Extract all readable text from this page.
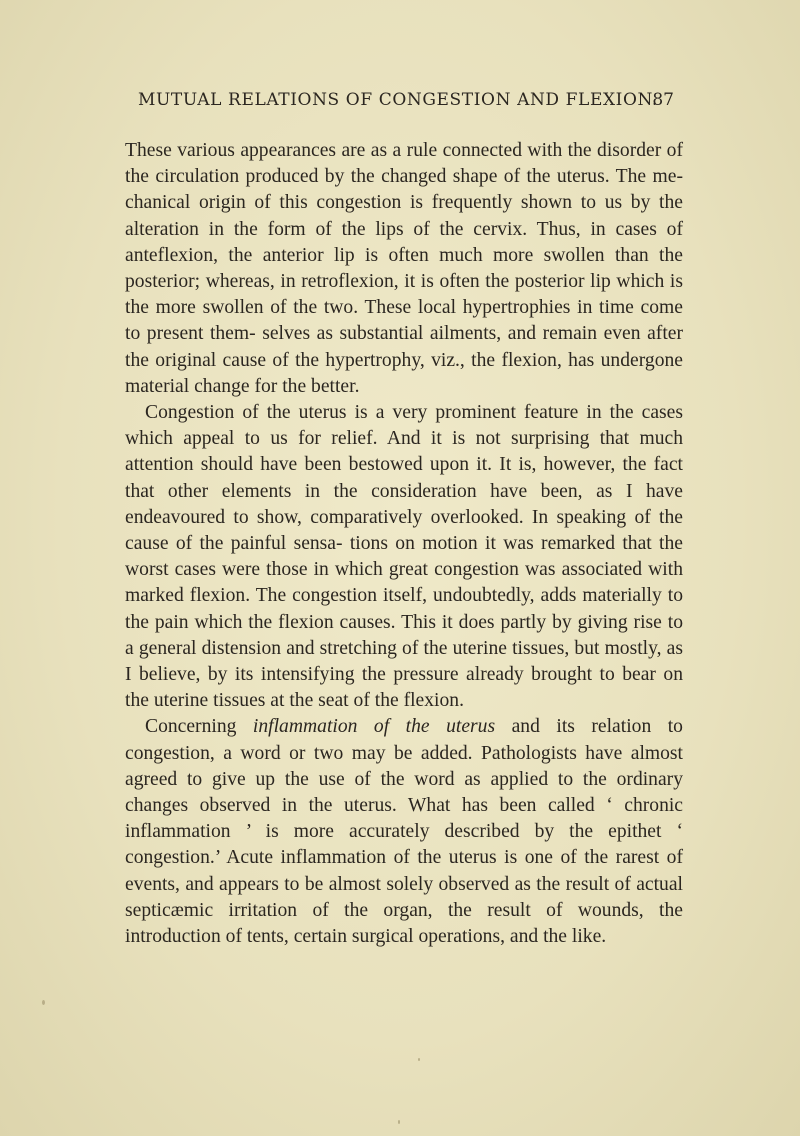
MUTUAL RELATIONS OF CONGESTION AND FLEXION.
87

These various appearances are as a rule connected with the disorder of the circulation produced by the changed shape of the uterus. The me- chanical origin of this congestion is frequently shown to us by the alteration in the form of the lips of the cervix. Thus, in cases of anteflexion, the anterior lip is often much more swollen than the posterior; whereas, in retroflexion, it is often the posterior lip which is the more swollen of the two. These local hypertrophies in time come to present them- selves as substantial ailments, and remain even after the original cause of the hypertrophy, viz., the flexion, has undergone material change for the better.

Congestion of the uterus is a very prominent feature in the cases which appeal to us for relief. And it is not surprising that much attention should have been bestowed upon it. It is, however, the fact that other elements in the consideration have been, as I have endeavoured to show, comparatively overlooked. In speaking of the cause of the painful sensa- tions on motion it was remarked that the worst cases were those in which great congestion was associated with marked flexion. The congestion itself, undoubtedly, adds materially to the pain which the flexion causes. This it does partly by giving rise to a general distension and stretching of the uterine tissues, but mostly, as I believe, by its intensifying the pressure already brought to bear on the uterine tissues at the seat of the flexion.

Concerning inflammation of the uterus and its relation to congestion, a word or two may be added. Pathologists have almost agreed to give up the use of the word as applied to the ordinary changes observed in the uterus. What has been called ‘ chronic inflammation ’ is more accurately described by the epithet ‘ congestion.’ Acute inflammation of the uterus is one of the rarest of events, and appears to be almost solely observed as the result of actual septicæmic irritation of the organ, the result of wounds, the introduction of tents, certain surgical operations, and the like.
